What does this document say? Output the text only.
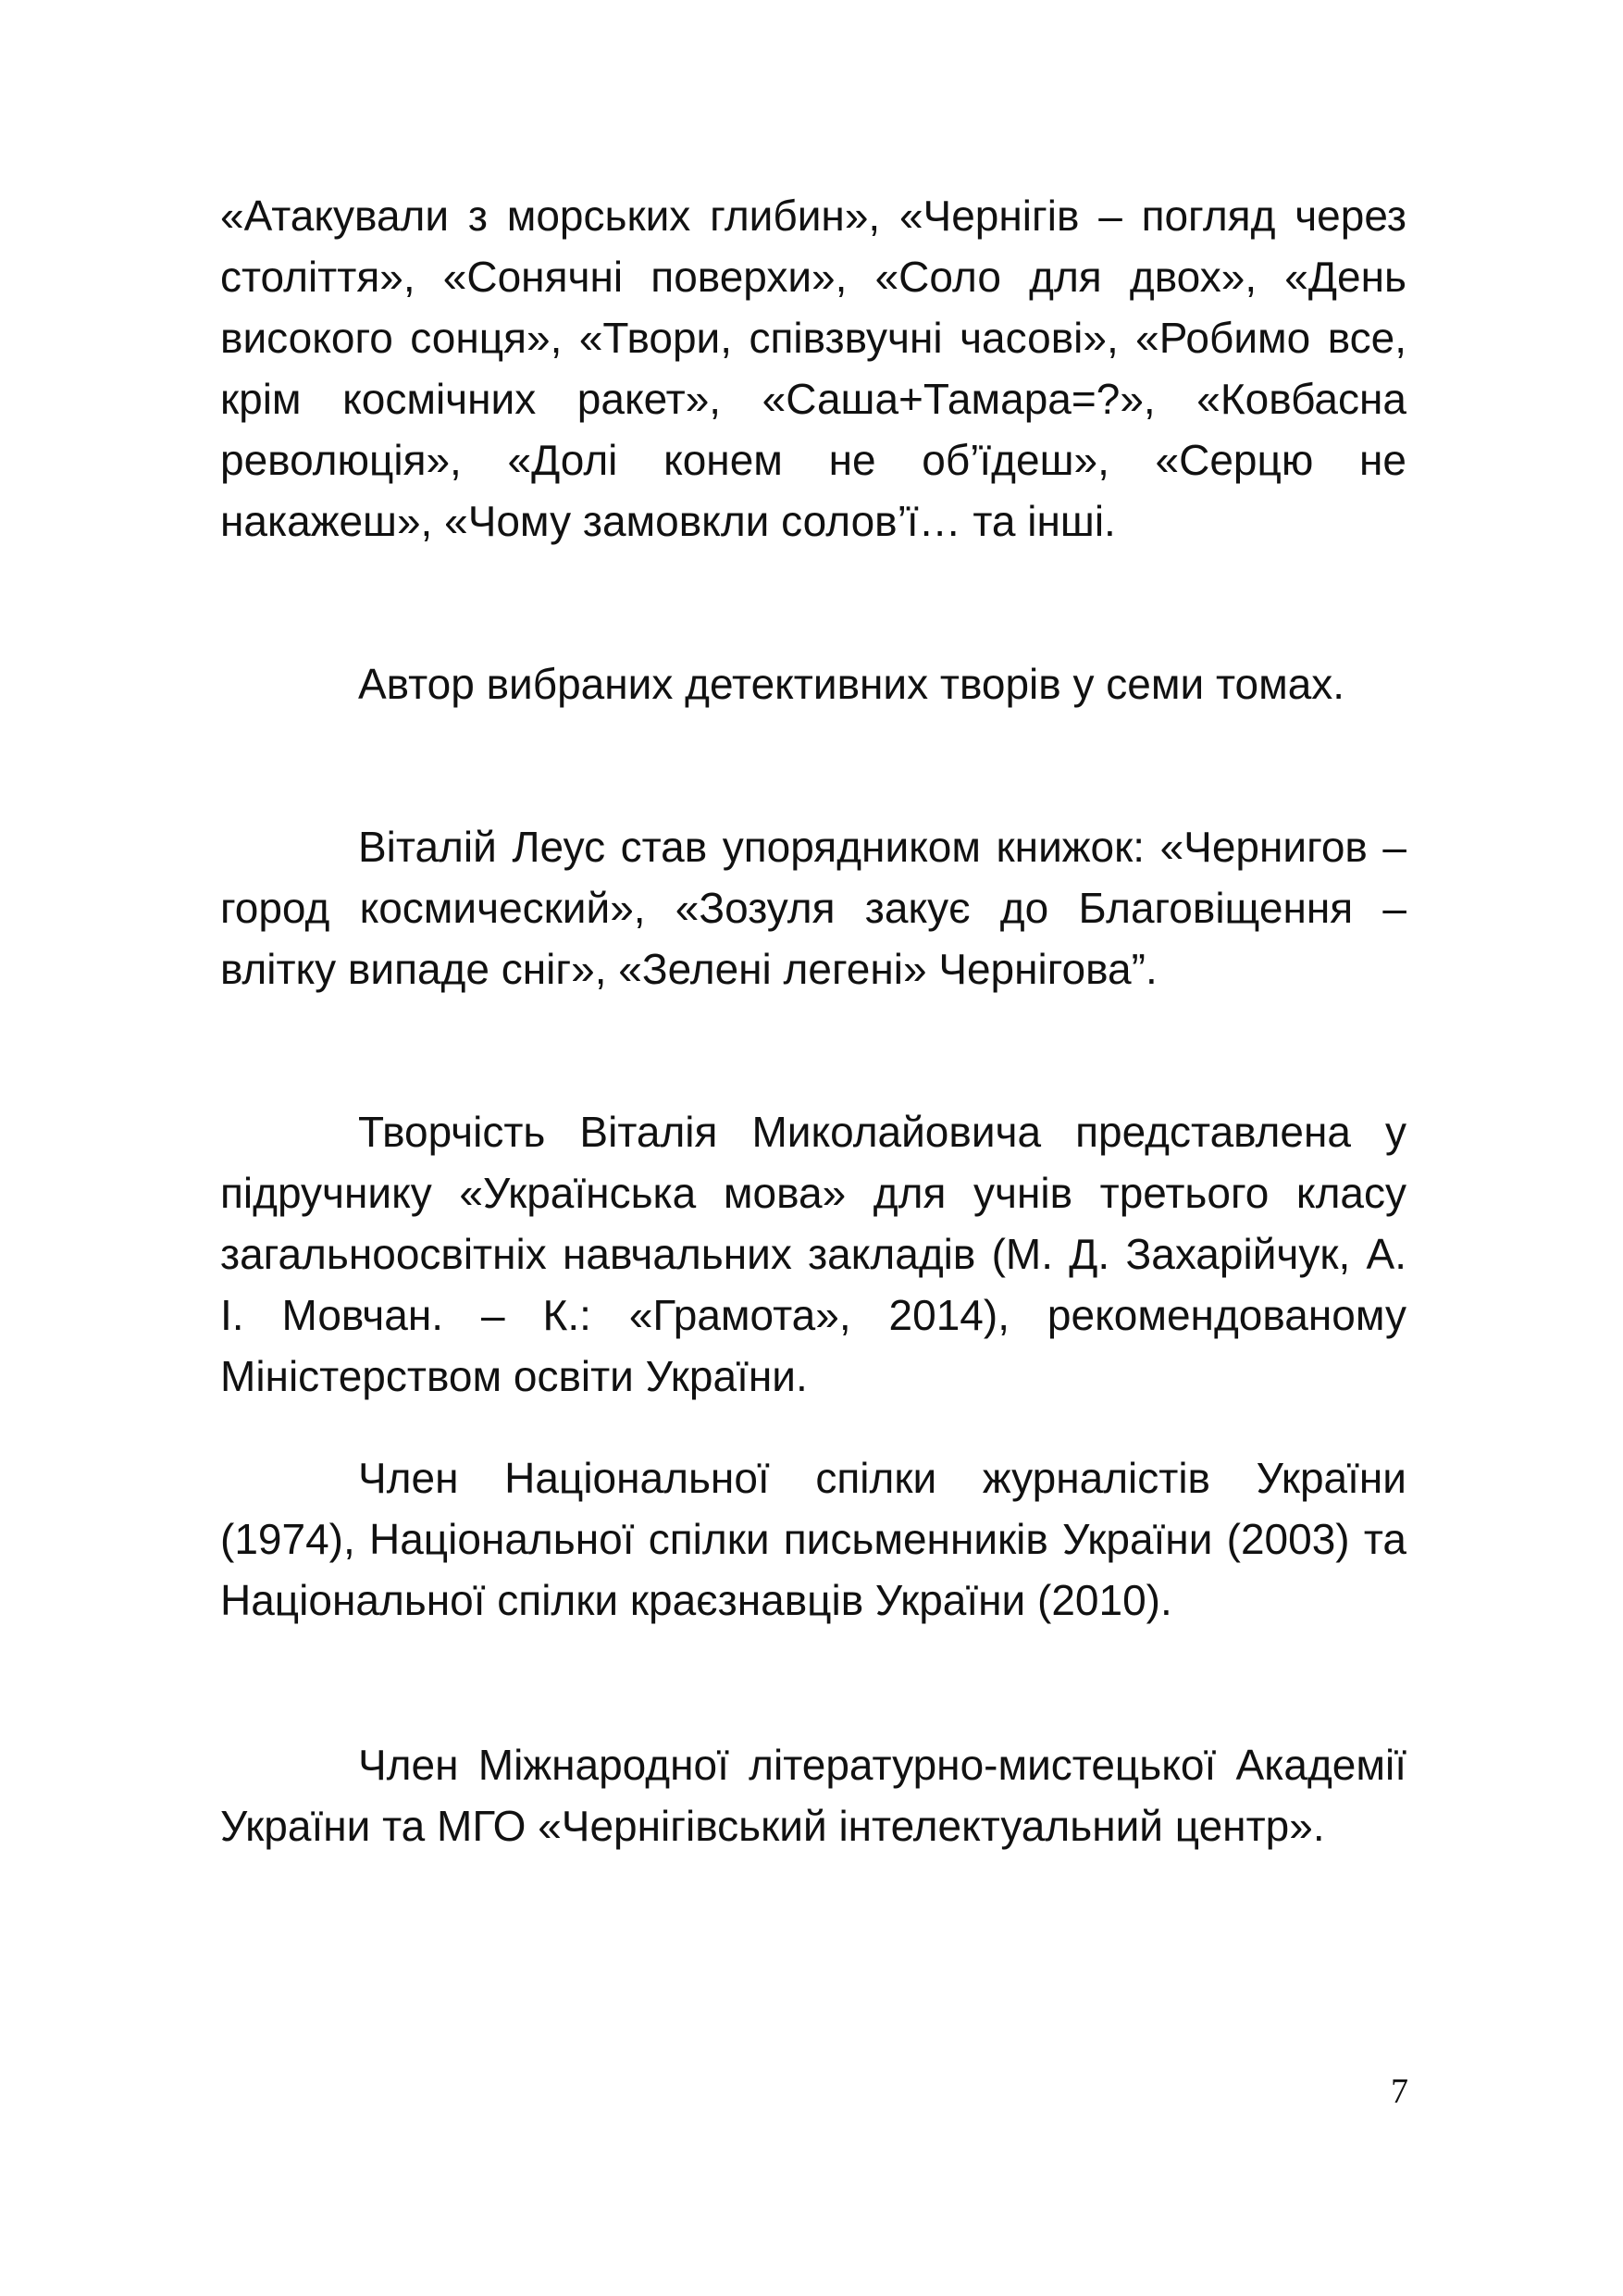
«Атакували з морських глибин», «Чернігів – погляд через століття», «Сонячні поверхи», «Соло для двох», «День високого сонця», «Твори, співзвучні часові», «Робимо все, крім космічних ракет», «Саша+Тамара=?», «Ковбасна революція», «Долі конем не об’їдеш», «Серцю не накажеш», «Чому замовкли солов’ї… та інші.

Автор вибраних детективних творів у семи томах.

Віталій Леус став упорядником книжок: «Чернигов – город космический», «Зозуля закує до Благовіщення – влітку випаде сніг», «Зелені легені» Чернігова”.

Творчість Віталія Миколайовича представлена у підручнику «Українська мова» для учнів третього класу загальноосвітніх навчальних закладів (М. Д. Захарійчук, А. І. Мовчан. – К.: «Грамота», 2014), рекомендованому Міністерством освіти України.

Член Національної спілки журналістів України (1974), Національної спілки письменників України (2003) та Національної спілки краєзнавців України (2010).

Член Міжнародної літературно-мистецької Академії України та МГО «Чернігівський інтелектуальний центр».

7
